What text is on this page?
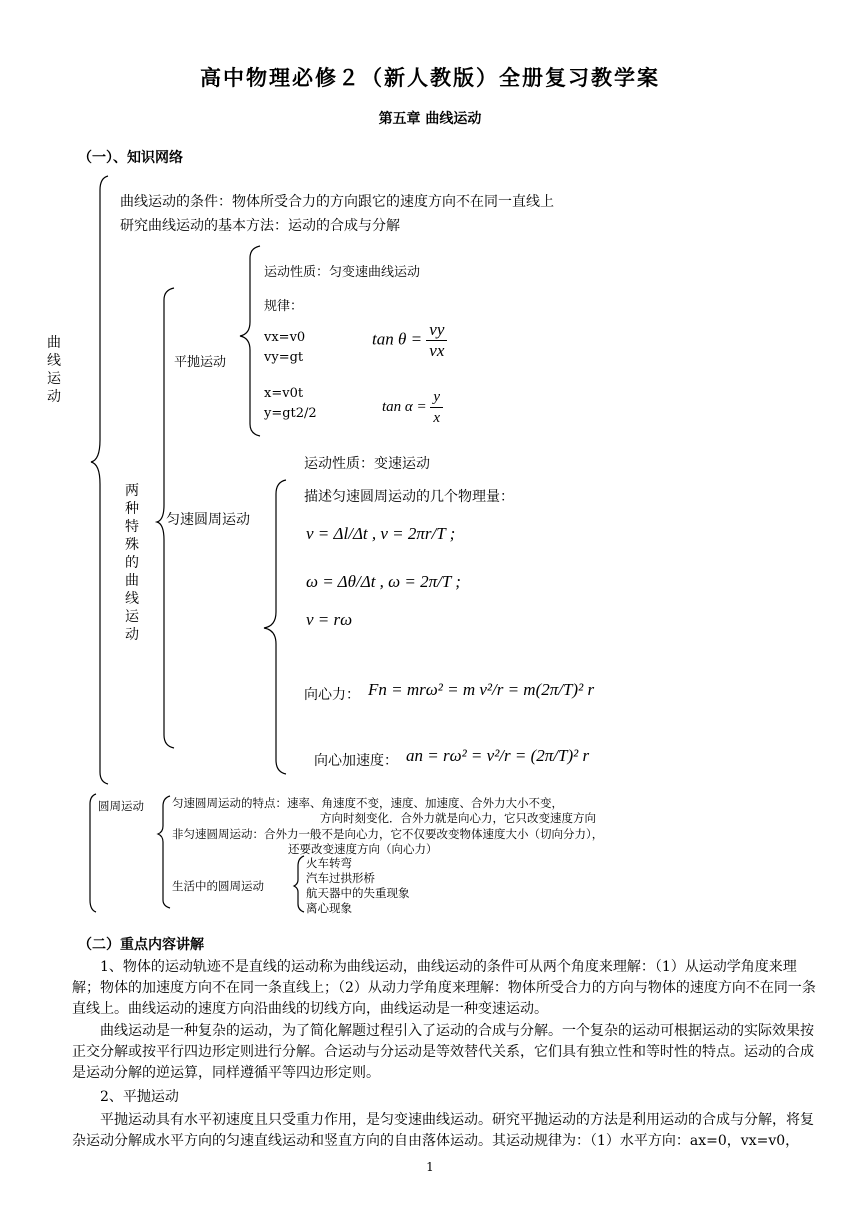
高中物理必修２（新人教版）全册复习教学案
第五章 曲线运动
（一）、知识网络
曲线运动
曲线运动的条件：物体所受合力的方向跟它的速度方向不在同一直线上
研究曲线运动的基本方法：运动的合成与分解
两种特殊的曲线运动
平抛运动
运动性质：匀变速曲线运动
规律：
vx=v0
vy=gt
x=v0t
y=gt2/2
$\tan \theta = \frac{vy}{vx}$
$\tan \alpha = \frac{y}{x}$
匀速圆周运动
运动性质：变速运动
描述匀速圆周运动的几个物理量：
v = Δl/Δt , v = 2πr/T ;
ω = Δθ/Δt , ω = 2π/T ;
v = rω
向心力： Fn = mrω² = m v²/r = m(2π/T)² r
向心加速度： an = rω² = v²/r = (2π/T)² r
圆周运动 匀速圆周运动的特点：速率、角速度不变，速度、加速度、合外力大小不变，
方向时刻变化．合外力就是向心力，它只改变速度方向
非匀速圆周运动：合外力一般不是向心力，它不仅要改变物体速度大小（切向分力），
还要改变速度方向（向心力）
生活中的圆周运动
火车转弯
汽车过拱形桥
航天器中的失重现象
离心现象
（二）重点内容讲解
1、物体的运动轨迹不是直线的运动称为曲线运动，曲线运动的条件可从两个角度来理解：（1）从运动学角度来理解；物体的加速度方向不在同一条直线上；（2）从动力学角度来理解：物体所受合力的方向与物体的速度方向不在同一条直线上。曲线运动的速度方向沿曲线的切线方向，曲线运动是一种变速运动。
曲线运动是一种复杂的运动，为了简化解题过程引入了运动的合成与分解。一个复杂的运动可根据运动的实际效果按正交分解或按平行四边形定则进行分解。合运动与分运动是等效替代关系，它们具有独立性和等时性的特点。运动的合成是运动分解的逆运算，同样遵循平等四边形定则。
2、平抛运动
平抛运动具有水平初速度且只受重力作用，是匀变速曲线运动。研究平抛运动的方法是利用运动的合成与分解，将复杂运动分解成水平方向的匀速直线运动和竖直方向的自由落体运动。其运动规律为：（1）水平方向：ax=0，vx=v0，
1
